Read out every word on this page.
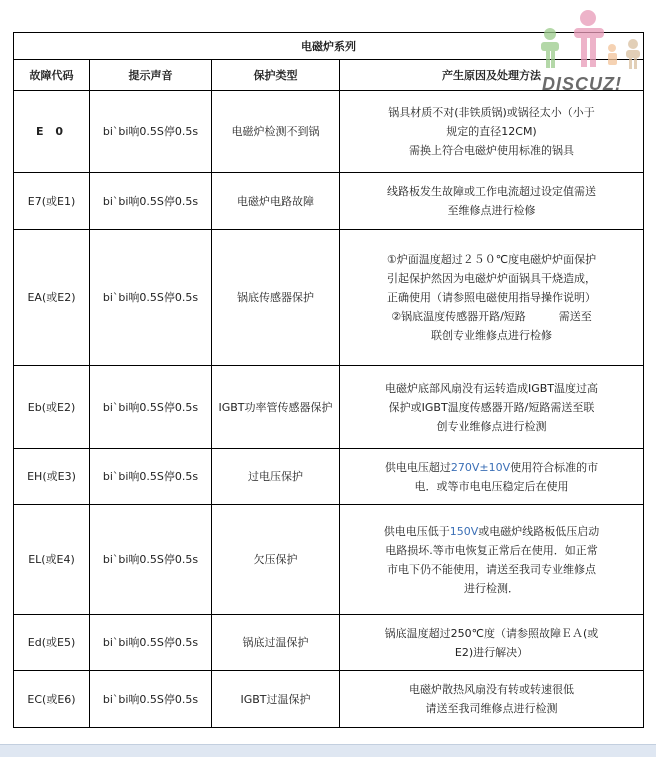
电磁炉系列			
故障代码	提示声音	保护类型	产生原因及处理方法
E 0	bi`bi响0.5S停0.5s	电磁炉检测不到锅	锅具材质不对(非铁质锅)或锅径太小（小于
规定的直径12CM)
需换上符合电磁炉使用标准的锅具

E7(或E1)	bi`bi响0.5S停0.5s	电磁炉电路故障	线路板发生故障或工作电流超过设定值需送
至维修点进行检修

EA(或E2)	bi`bi响0.5S停0.5s	锅底传感器保护	①炉面温度超过２５０℃度电磁炉炉面保护
引起保护然因为电磁炉炉面锅具干烧造成，
正确使用（请参照电磁使用指导操作说明）
②锅底温度传感器开路/短路　　　需送至
联创专业维修点进行检修

Eb(或E2)	bi`bi响0.5S停0.5s	IGBT功率管传感器保护	电磁炉底部风扇没有运转造成IGBT温度过高
保护或IGBT温度传感器开路/短路需送至联
创专业维修点进行检测

EH(或E3)	bi`bi响0.5S停0.5s	过电压保护	供电电压超过270V±10V使用符合标准的市
电．或等市电电压稳定后在使用

EL(或E4)	bi`bi响0.5S停0.5s	欠压保护	供电电压低于150V或电磁炉线路板低压启动
电路损坏.等市电恢复正常后在使用．如正常
市电下仍不能使用，请送至我司专业维修点
进行检测．

Ed(或E5)	bi`bi响0.5S停0.5s	锅底过温保护	锅底温度超过250℃度（请参照故障ＥＡ(或
E2)进行解决）

EC(或E6)	bi`bi响0.5S停0.5s	IGBT过温保护	电磁炉散热风扇没有转或转速很低
请送至我司维修点进行检测
DISCUZ!
